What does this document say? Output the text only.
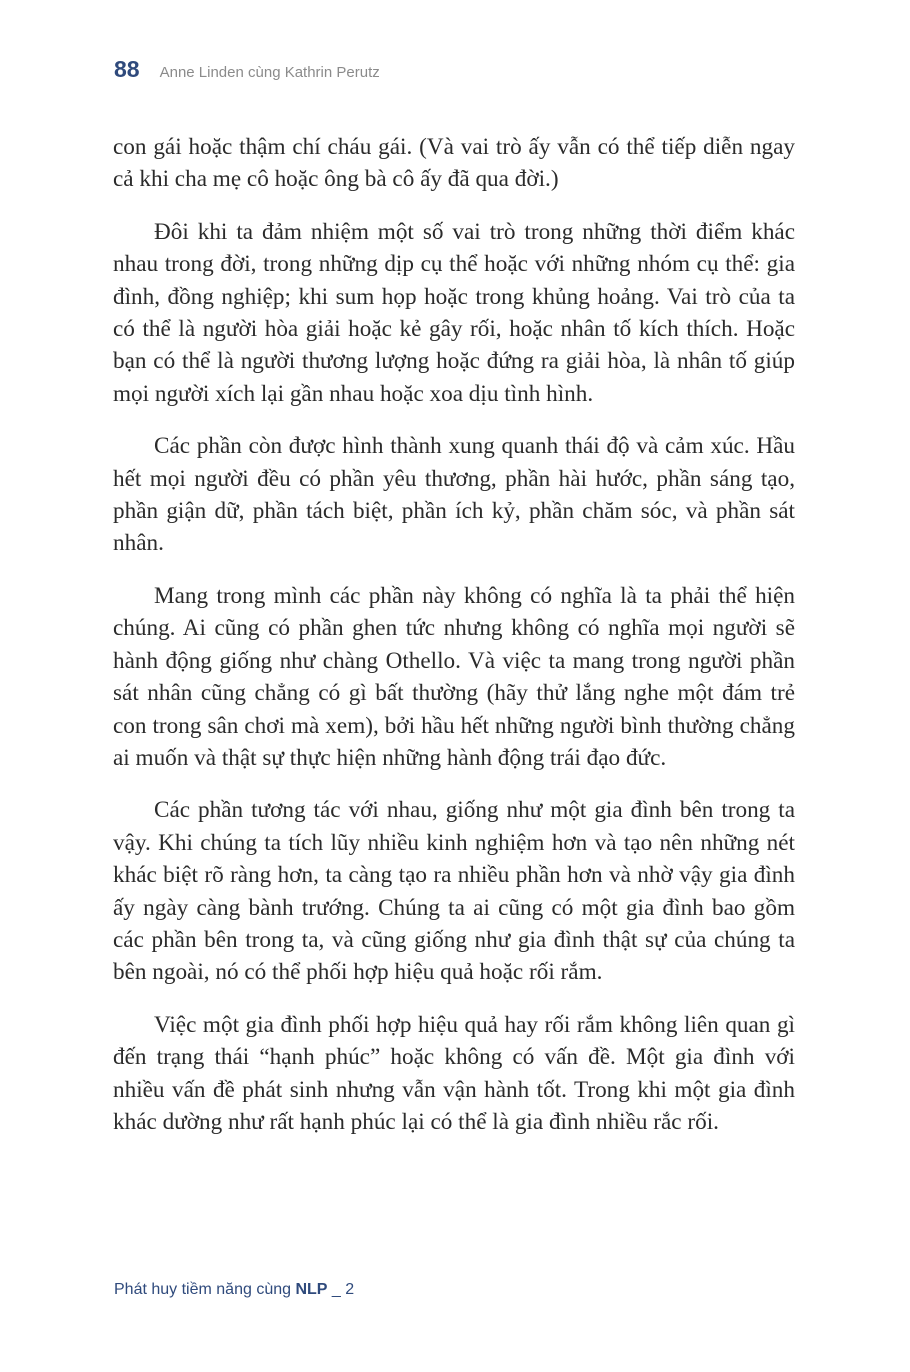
88 Anne Linden cùng Kathrin Perutz

con gái hoặc thậm chí cháu gái. (Và vai trò ấy vẫn có thể tiếp diễn ngay cả khi cha mẹ cô hoặc ông bà cô ấy đã qua đời.)

Đôi khi ta đảm nhiệm một số vai trò trong những thời điểm khác nhau trong đời, trong những dịp cụ thể hoặc với những nhóm cụ thể: gia đình, đồng nghiệp; khi sum họp hoặc trong khủng hoảng. Vai trò của ta có thể là người hòa giải hoặc kẻ gây rối, hoặc nhân tố kích thích. Hoặc bạn có thể là người thương lượng hoặc đứng ra giải hòa, là nhân tố giúp mọi người xích lại gần nhau hoặc xoa dịu tình hình.

Các phần còn được hình thành xung quanh thái độ và cảm xúc. Hầu hết mọi người đều có phần yêu thương, phần hài hước, phần sáng tạo, phần giận dữ, phần tách biệt, phần ích kỷ, phần chăm sóc, và phần sát nhân.

Mang trong mình các phần này không có nghĩa là ta phải thể hiện chúng. Ai cũng có phần ghen tức nhưng không có nghĩa mọi người sẽ hành động giống như chàng Othello. Và việc ta mang trong người phần sát nhân cũng chẳng có gì bất thường (hãy thử lắng nghe một đám trẻ con trong sân chơi mà xem), bởi hầu hết những người bình thường chẳng ai muốn và thật sự thực hiện những hành động trái đạo đức.

Các phần tương tác với nhau, giống như một gia đình bên trong ta vậy. Khi chúng ta tích lũy nhiều kinh nghiệm hơn và tạo nên những nét khác biệt rõ ràng hơn, ta càng tạo ra nhiều phần hơn và nhờ vậy gia đình ấy ngày càng bành trướng. Chúng ta ai cũng có một gia đình bao gồm các phần bên trong ta, và cũng giống như gia đình thật sự của chúng ta bên ngoài, nó có thể phối hợp hiệu quả hoặc rối rắm.

Việc một gia đình phối hợp hiệu quả hay rối rắm không liên quan gì đến trạng thái “hạnh phúc” hoặc không có vấn đề. Một gia đình với nhiều vấn đề phát sinh nhưng vẫn vận hành tốt. Trong khi một gia đình khác dường như rất hạnh phúc lại có thể là gia đình nhiều rắc rối.

Phát huy tiềm năng cùng NLP _ 2
